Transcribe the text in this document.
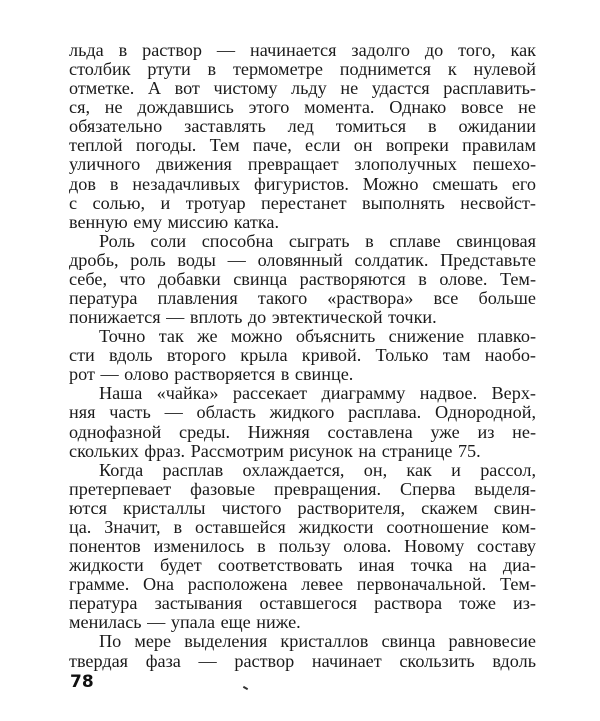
льда в раствор — начинается задолго до того, как
столбик ртути в термометре поднимется к нулевой
отметке. А вот чистому льду не удастся расплавить-
ся, не дождавшись этого момента. Однако вовсе не
обязательно заставлять лед томиться в ожидании
теплой погоды. Тем паче, если он вопреки правилам
уличного движения превращает злополучных пешехо-
дов в незадачливых фигуристов. Можно смешать его
с солью, и тротуар перестанет выполнять несвойст-
венную ему миссию катка.
Роль соли способна сыграть в сплаве свинцовая
дробь, роль воды — оловянный солдатик. Представьте
себе, что добавки свинца растворяются в олове. Тем-
пература плавления такого «раствора» все больше
понижается — вплоть до эвтектической точки.
Точно так же можно объяснить снижение плавко-
сти вдоль второго крыла кривой. Только там наобо-
рот — олово растворяется в свинце.
Наша «чайка» рассекает диаграмму надвое. Верх-
няя часть — область жидкого расплава. Однородной,
однофазной среды. Нижняя составлена уже из не-
скольких фраз. Рассмотрим рисунок на странице 75.
Когда расплав охлаждается, он, как и рассол,
претерпевает фазовые превращения. Сперва выделя-
ются кристаллы чистого растворителя, скажем свин-
ца. Значит, в оставшейся жидкости соотношение ком-
понентов изменилось в пользу олова. Новому составу
жидкости будет соответствовать иная точка на диа-
грамме. Она расположена левее первоначальной. Тем-
пература застывания оставшегося раствора тоже из-
менилась — упала еще ниже.
По мере выделения кристаллов свинца равновесие
твердая фаза — раствор начинает скользить вдоль
78
